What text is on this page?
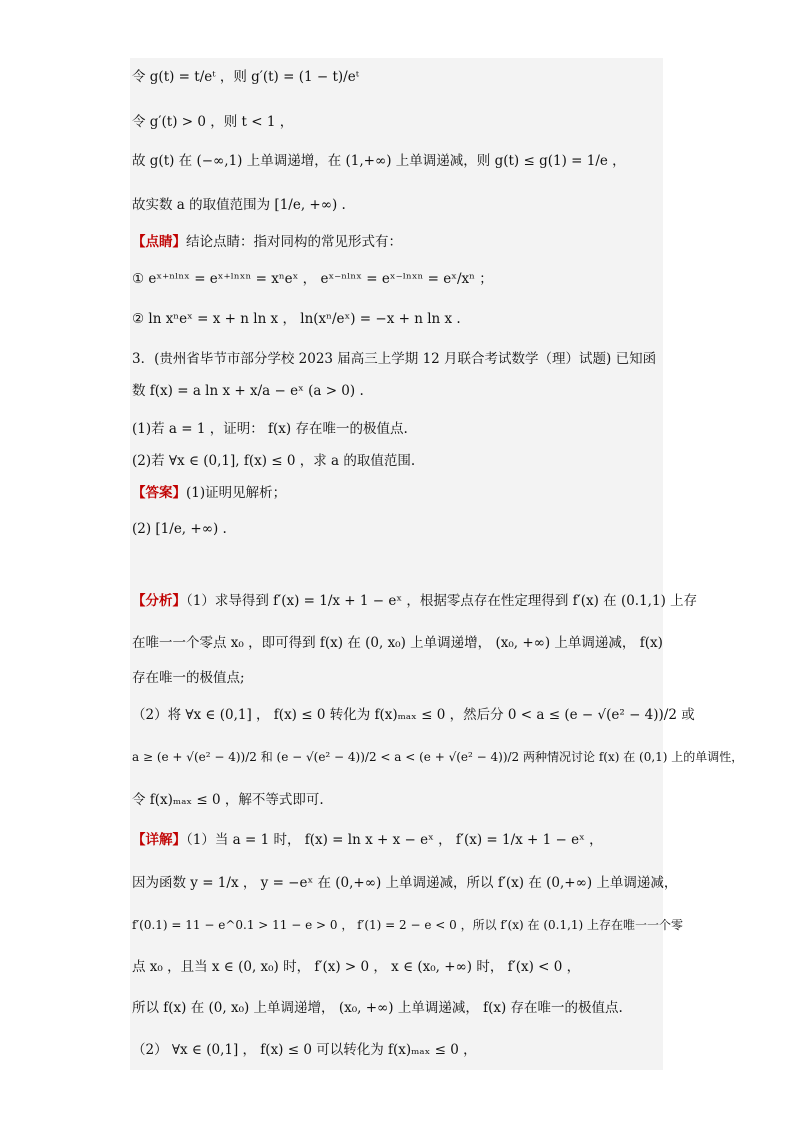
令 g(t) = t/eᵗ ，则 g′(t) = (1 − t)/eᵗ
令 g′(t) > 0 ，则 t < 1 ，
故 g(t) 在 (−∞,1) 上单调递增，在 (1,+∞) 上单调递减，则 g(t) ≤ g(1) = 1/e ，
故实数 a 的取值范围为 [1/e, +∞) .
【点睛】结论点睛：指对同构的常见形式有：
① eˣ⁺ⁿˡⁿˣ = eˣ⁺ˡⁿˣⁿ = xⁿeˣ ， eˣ⁻ⁿˡⁿˣ = eˣ⁻ˡⁿˣⁿ = eˣ/xⁿ ；
② ln xⁿeˣ = x + n ln x ， ln(xⁿ/eˣ) = −x + n ln x .
3．(贵州省毕节市部分学校 2023 届高三上学期 12 月联合考试数学（理）试题) 已知函
数 f(x) = a ln x + x/a − eˣ (a > 0) .
(1)若 a = 1 ，证明： f(x) 存在唯一的极值点.
(2)若 ∀x ∈ (0,1], f(x) ≤ 0 ，求 a 的取值范围.
【答案】(1)证明见解析；
(2) [1/e, +∞) .
【分析】（1）求导得到 f′(x) = 1/x + 1 − eˣ ，根据零点存在性定理得到 f′(x) 在 (0.1,1) 上存
在唯一一个零点 x₀ ，即可得到 f(x) 在 (0, x₀) 上单调递增， (x₀, +∞) 上单调递减， f(x)
存在唯一的极值点;
（2）将 ∀x ∈ (0,1] ， f(x) ≤ 0 转化为 f(x)ₘₐₓ ≤ 0 ，然后分 0 < a ≤ (e − √(e² − 4))/2 或
a ≥ (e + √(e² − 4))/2 和 (e − √(e² − 4))/2 < a < (e + √(e² − 4))/2 两种情况讨论 f(x) 在 (0,1) 上的单调性，
令 f(x)ₘₐₓ ≤ 0 ，解不等式即可.
【详解】（1）当 a = 1 时， f(x) = ln x + x − eˣ ， f′(x) = 1/x + 1 − eˣ ，
因为函数 y = 1/x ， y = −eˣ 在 (0,+∞) 上单调递减，所以 f′(x) 在 (0,+∞) 上单调递减，
f′(0.1) = 11 − e^0.1 > 11 − e > 0 ， f′(1) = 2 − e < 0 ，所以 f′(x) 在 (0.1,1) 上存在唯一一个零
点 x₀ ，且当 x ∈ (0, x₀) 时， f′(x) > 0 ， x ∈ (x₀, +∞) 时， f′(x) < 0 ，
所以 f(x) 在 (0, x₀) 上单调递增， (x₀, +∞) 上单调递减， f(x) 存在唯一的极值点.
（2） ∀x ∈ (0,1] ， f(x) ≤ 0 可以转化为 f(x)ₘₐₓ ≤ 0 ，
